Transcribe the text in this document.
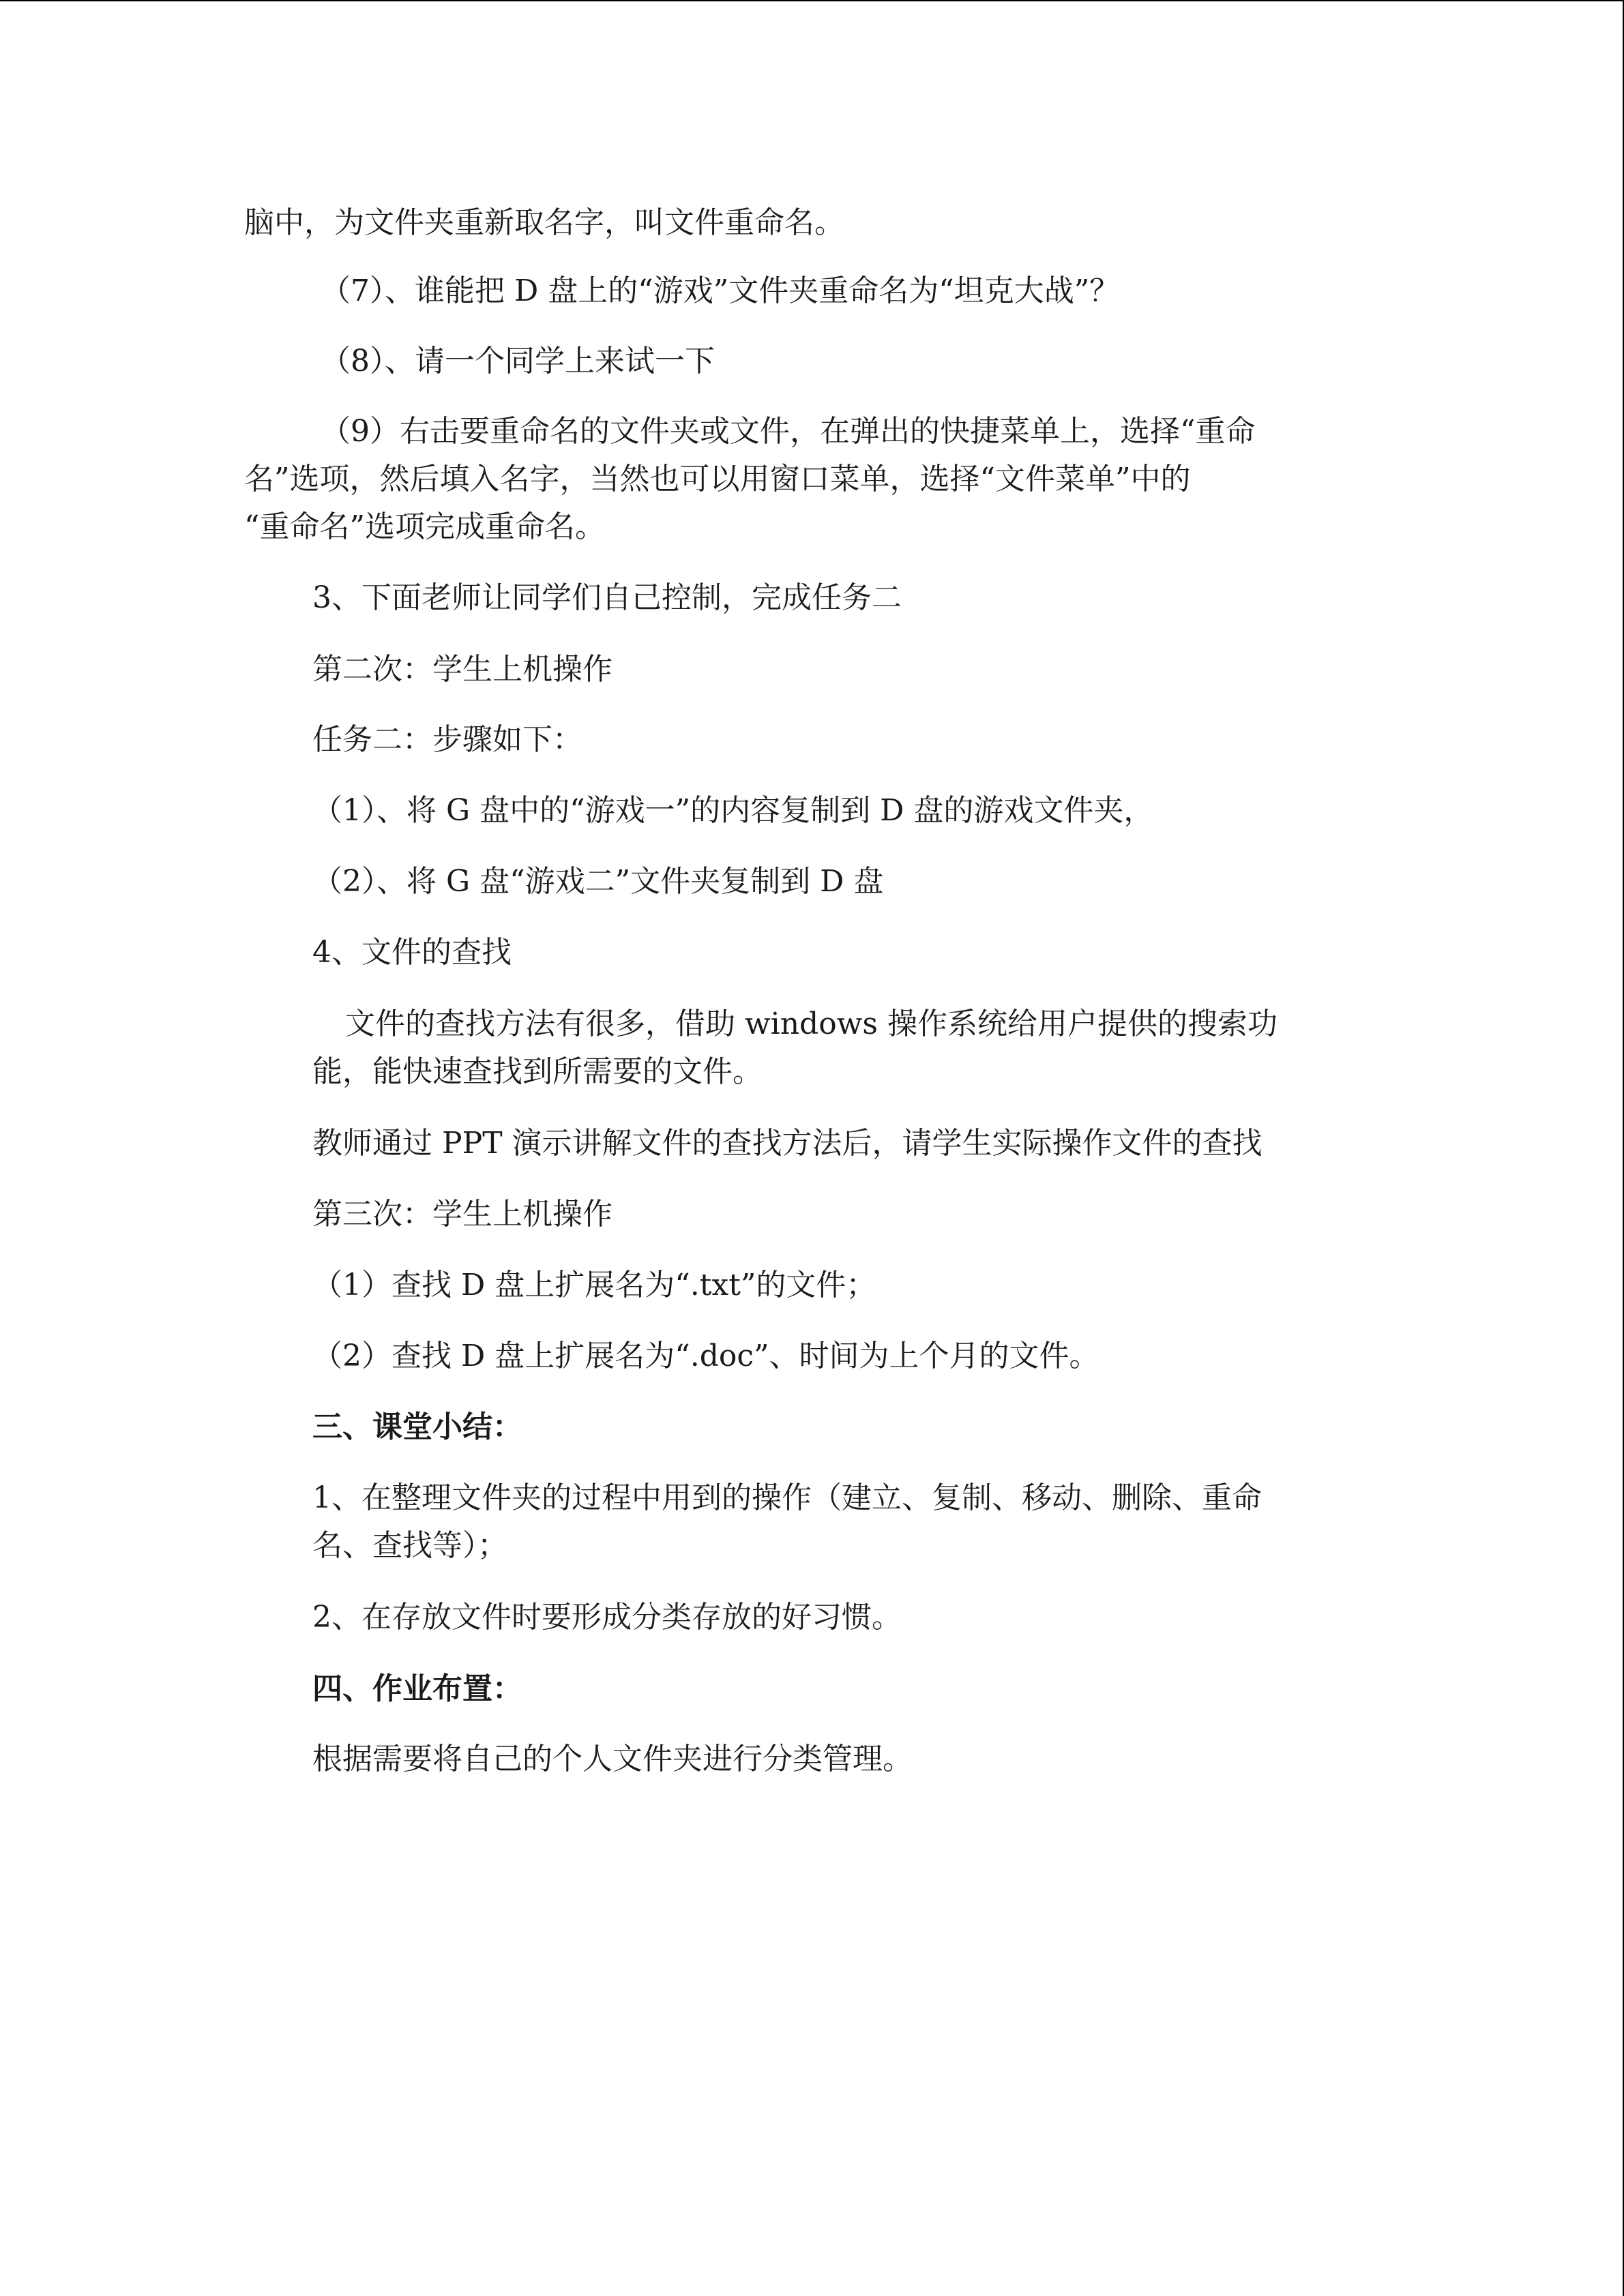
脑中，为文件夹重新取名字，叫文件重命名。
（7）、谁能把 D 盘上的“游戏”文件夹重命名为“坦克大战”？
（8）、请一个同学上来试一下
（9）右击要重命名的文件夹或文件，在弹出的快捷菜单上，选择“重命
名”选项，然后填入名字，当然也可以用窗口菜单，选择“文件菜单”中的
“重命名”选项完成重命名。
3、下面老师让同学们自己控制，完成任务二
第二次：学生上机操作
任务二：步骤如下：
（1）、将 G 盘中的“游戏一”的内容复制到 D 盘的游戏文件夹，
（2）、将 G 盘“游戏二”文件夹复制到 D 盘
4、文件的查找
文件的查找方法有很多，借助 windows 操作系统给用户提供的搜索功
能，能快速查找到所需要的文件。
教师通过 PPT 演示讲解文件的查找方法后，请学生实际操作文件的查找
第三次：学生上机操作
（1）查找 D 盘上扩展名为“.txt”的文件；
（2）查找 D 盘上扩展名为“.doc”、时间为上个月的文件。
三、课堂小结：
1、在整理文件夹的过程中用到的操作（建立、复制、移动、删除、重命
名、查找等）；
2、在存放文件时要形成分类存放的好习惯。
四、作业布置：
根据需要将自己的个人文件夹进行分类管理。
